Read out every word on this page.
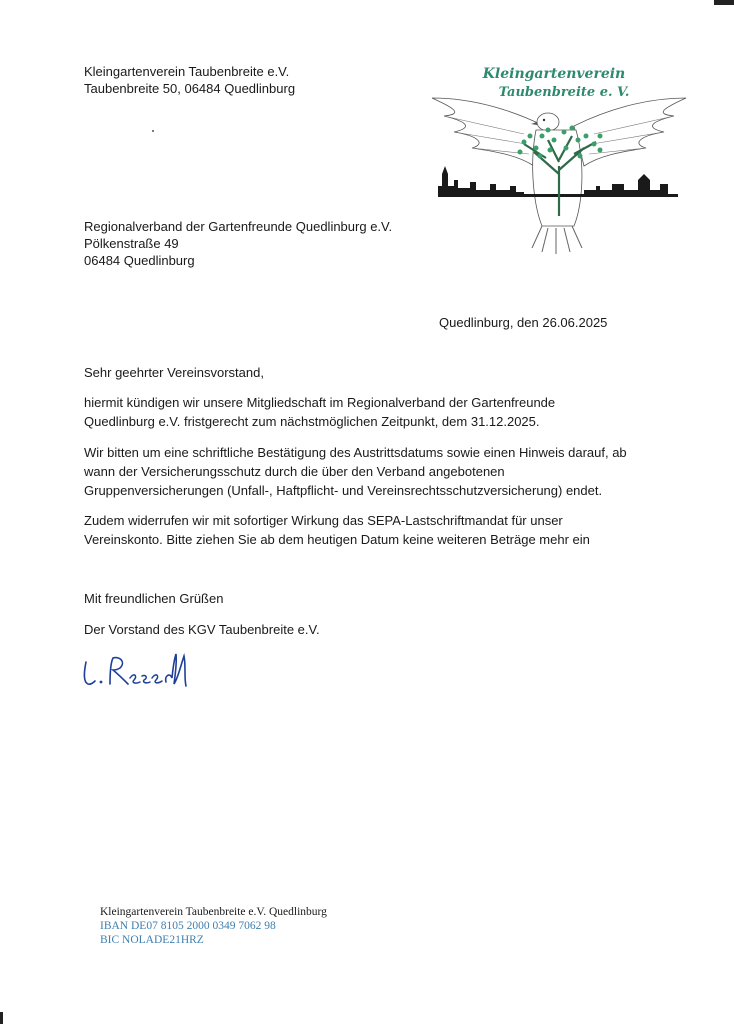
Kleingartenverein Taubenbreite e.V.
Taubenbreite 50, 06484 Quedlinburg
Kleingartenverein
Taubenbreite e. V.
Regionalverband der Gartenfreunde Quedlinburg e.V.
Pölkenstraße 49
06484 Quedlinburg
Quedlinburg, den 26.06.2025
Sehr geehrter Vereinsvorstand,
hiermit kündigen wir unsere Mitgliedschaft im Regionalverband der Gartenfreunde
Quedlinburg e.V. fristgerecht zum nächstmöglichen Zeitpunkt, dem 31.12.2025.
Wir bitten um eine schriftliche Bestätigung des Austrittsdatums sowie einen Hinweis darauf, ab
wann der Versicherungsschutz durch die über den Verband angebotenen
Gruppenversicherungen (Unfall-, Haftpflicht- und Vereinsrechtsschutzversicherung) endet.
Zudem widerrufen wir mit sofortiger Wirkung das SEPA-Lastschriftmandat für unser
Vereinskonto. Bitte ziehen Sie ab dem heutigen Datum keine weiteren Beträge mehr ein
Mit freundlichen Grüßen
Der Vorstand des KGV Taubenbreite e.V.
Kleingartenverein Taubenbreite e.V. Quedlinburg
IBAN DE07 8105 2000 0349 7062 98
BIC NOLADE21HRZ
